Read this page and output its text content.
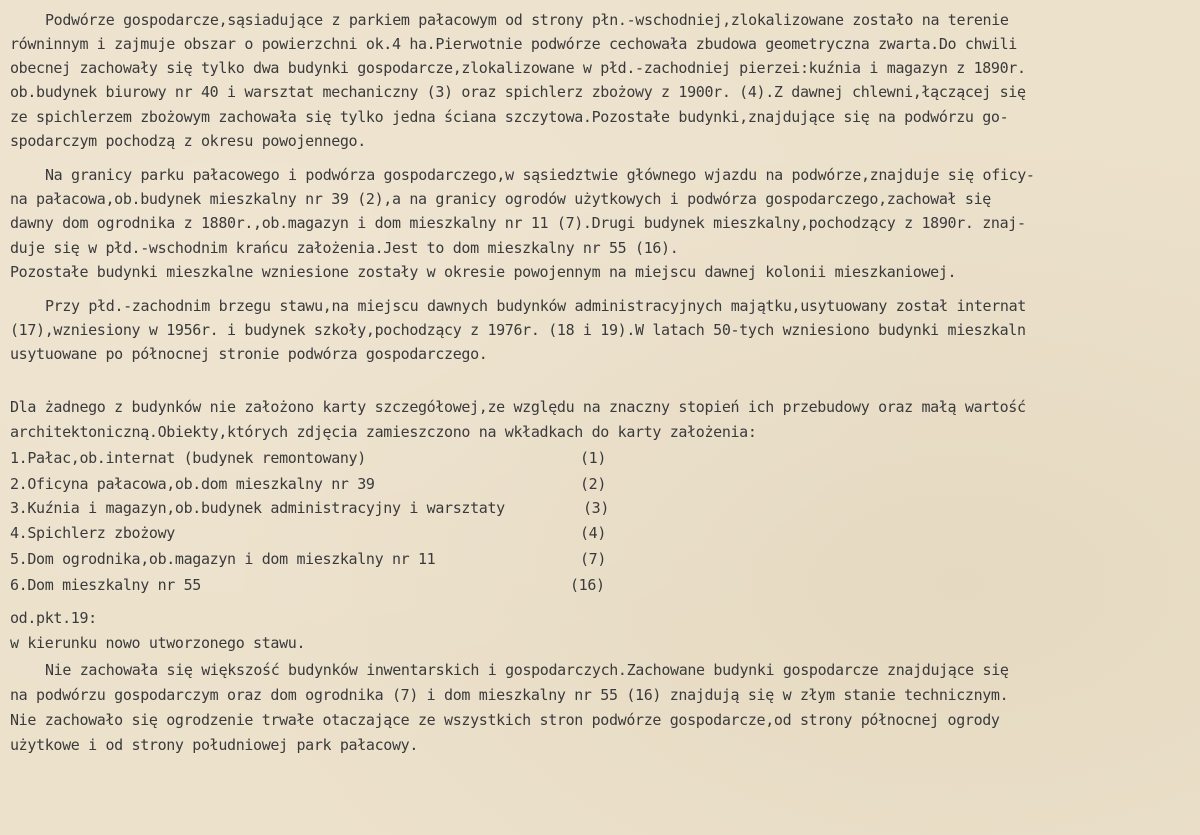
Podwórze gospodarcze,sąsiadujące z parkiem pałacowym od strony płn.-wschodniej,zlokalizowane zostało na terenie

równinnym i zajmuje obszar o powierzchni ok.4 ha.Pierwotnie podwórze cechowała zbudowa geometryczna zwarta.Do chwili

obecnej zachowały się tylko dwa budynki gospodarcze,zlokalizowane w płd.-zachodniej pierzei:kuźnia i magazyn z 1890r.

ob.budynek biurowy nr 40 i warsztat mechaniczny (3) oraz spichlerz zbożowy z 1900r. (4).Z dawnej chlewni,łączącej się

ze spichlerzem zbożowym zachowała się tylko jedna ściana szczytowa.Pozostałe budynki,znajdujące się na podwórzu go-

spodarczym pochodzą z okresu powojennego.

Na granicy parku pałacowego i podwórza gospodarczego,w sąsiedztwie głównego wjazdu na podwórze,znajduje się oficy-

na pałacowa,ob.budynek mieszkalny nr 39 (2),a na granicy ogrodów użytkowych i podwórza gospodarczego,zachował się

dawny dom ogrodnika z 1880r.,ob.magazyn i dom mieszkalny nr 11 (7).Drugi budynek mieszkalny,pochodzący z 1890r. znaj-

duje się w płd.-wschodnim krańcu założenia.Jest to dom mieszkalny nr 55 (16).

Pozostałe budynki mieszkalne wzniesione zostały w okresie powojennym na miejscu dawnej kolonii mieszkaniowej.

Przy płd.-zachodnim brzegu stawu,na miejscu dawnych budynków administracyjnych majątku,usytuowany został internat

(17),wzniesiony w 1956r. i budynek szkoły,pochodzący z 1976r. (18 i 19).W latach 50-tych wzniesiono budynki mieszkaln

usytuowane po północnej stronie podwórza gospodarczego.

Dla żadnego z budynków nie założono karty szczegółowej,ze względu na znaczny stopień ich przebudowy oraz małą wartość

architektoniczną.Obiekty,których zdjęcia zamieszczono na wkładkach do karty założenia:

1.Pałac,ob.internat (budynek remontowany)	(1)

2.Oficyna pałacowa,ob.dom mieszkalny nr 39	(2)

3.Kuźnia i magazyn,ob.budynek administracyjny i warsztaty	(3)

4.Spichlerz zbożowy	(4)

5.Dom ogrodnika,ob.magazyn i dom mieszkalny nr 11	(7)

6.Dom mieszkalny nr 55	(16)

od.pkt.19:

w kierunku nowo utworzonego stawu.

Nie zachowała się większość budynków inwentarskich i gospodarczych.Zachowane budynki gospodarcze znajdujące się

na podwórzu gospodarczym oraz dom ogrodnika (7) i dom mieszkalny nr 55 (16) znajdują się w złym stanie technicznym.

Nie zachowało się ogrodzenie trwałe otaczające ze wszystkich stron podwórze gospodarcze,od strony północnej ogrody

użytkowe i od strony południowej park pałacowy.
